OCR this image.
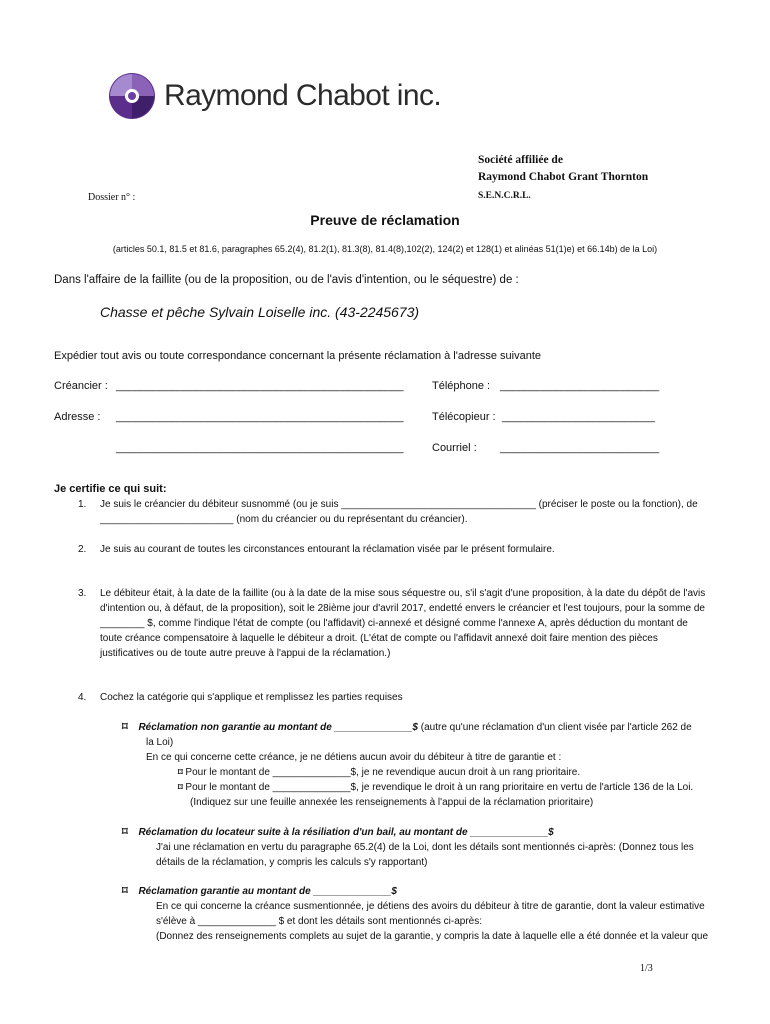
Raymond Chabot inc.
Société affiliée de
Raymond Chabot Grant Thornton
S.E.N.C.R.L.
Dossier n° :
Preuve de réclamation
(articles 50.1, 81.5 et 81.6, paragraphes 65.2(4), 81.2(1), 81.3(8), 81.4(8),102(2), 124(2) et 128(1) et alinéas 51(1)e) et 66.14b) de la Loi)
Dans l'affaire de la faillite (ou de la proposition, ou de l'avis d'intention, ou le séquestre) de :
Chasse et pêche Sylvain Loiselle inc. (43-2245673)
Expédier tout avis ou toute correspondance concernant la présente réclamation à l'adresse suivante
Créancier : _______________________________________________	Téléphone : __________________________
Adresse : _______________________________________________	Télécopieur : _________________________
_______________________________________________	Courriel : __________________________
Je certifie ce qui suit:
1. Je suis le créancier du débiteur susnommé (ou je suis ___________________________________ (préciser le poste ou la fonction), de
________________________ (nom du créancier ou du représentant du créancier).
2. Je suis au courant de toutes les circonstances entourant la réclamation visée par le présent formulaire.
3. Le débiteur était, à la date de la faillite (ou à la date de la mise sous séquestre ou, s'il s'agit d'une proposition, à la date du dépôt de l'avis
d'intention ou, à défaut, de la proposition), soit le 28ième jour d'avril 2017, endetté envers le créancier et l'est toujours, pour la somme de
________ $, comme l'indique l'état de compte (ou l'affidavit) ci-annexé et désigné comme l'annexe A, après déduction du montant de
toute créance compensatoire à laquelle le débiteur a droit. (L'état de compte ou l'affidavit annexé doit faire mention des pièces
justificatives ou de toute autre preuve à l'appui de la réclamation.)
4. Cochez la catégorie qui s'applique et remplissez les parties requises
⌑ Réclamation non garantie au montant de ______________$ (autre qu'une réclamation d'un client visée par l'article 262 de
la Loi)
En ce qui concerne cette créance, je ne détiens aucun avoir du débiteur à titre de garantie et :
⌑ Pour le montant de ______________$, je ne revendique aucun droit à un rang prioritaire.
⌑ Pour le montant de ______________$, je revendique le droit à un rang prioritaire en vertu de l'article 136 de la Loi.
(Indiquez sur une feuille annexée les renseignements à l'appui de la réclamation prioritaire)
⌑ Réclamation du locateur suite à la résiliation d'un bail, au montant de ______________$
J'ai une réclamation en vertu du paragraphe 65.2(4) de la Loi, dont les détails sont mentionnés ci-après: (Donnez tous les
détails de la réclamation, y compris les calculs s'y rapportant)
⌑ Réclamation garantie au montant de ______________$
En ce qui concerne la créance susmentionnée, je détiens des avoirs du débiteur à titre de garantie, dont la valeur estimative
s'élève à ______________ $ et dont les détails sont mentionnés ci-après:
(Donnez des renseignements complets au sujet de la garantie, y compris la date à laquelle elle a été donnée et la valeur que
1/3
